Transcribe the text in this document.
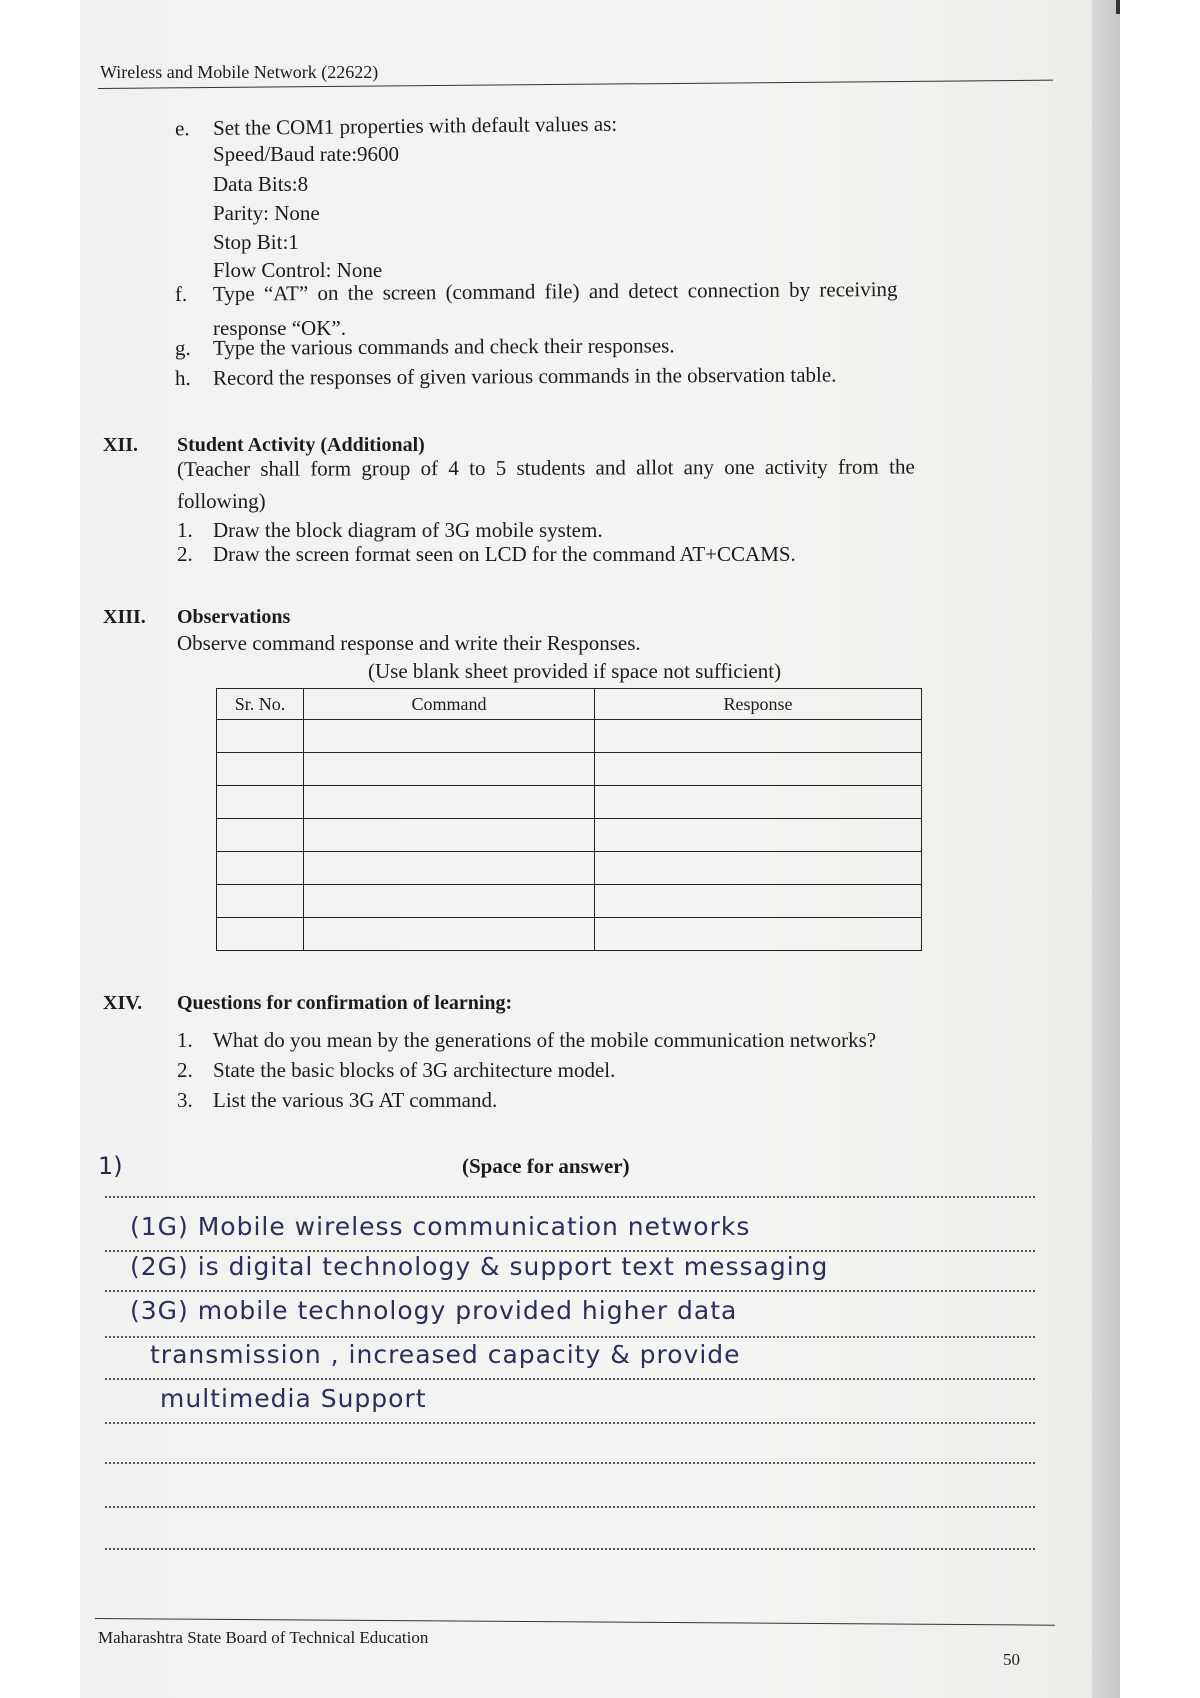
Wireless and Mobile Network (22622)
e. Set the COM1 properties with default values as:
Speed/Baud rate:9600
Data Bits:8
Parity: None
Stop Bit:1
Flow Control: None
f. Type “AT” on the screen (command file) and detect connection by receiving
response “OK”.
g. Type the various commands and check their responses.
h. Record the responses of given various commands in the observation table.
XII. Student Activity (Additional)
(Teacher shall form group of 4 to 5 students and allot any one activity from the
following)
1. Draw the block diagram of 3G mobile system.
2. Draw the screen format seen on LCD for the command AT+CCAMS.
XIII. Observations
Observe command response and write their Responses.
(Use blank sheet provided if space not sufficient)
Sr. No.	Command	Response

XIV. Questions for confirmation of learning:
1. What do you mean by the generations of the mobile communication networks?
2. State the basic blocks of 3G architecture model.
3. List the various 3G AT command.
1)	(Space for answer)
(1G) Mobile wireless communication networks
(2G) is digital technology & support text messaging
(3G) mobile technology provided higher data
transmission , increased capacity & provide
multimedia Support
Maharashtra State Board of Technical Education
50
